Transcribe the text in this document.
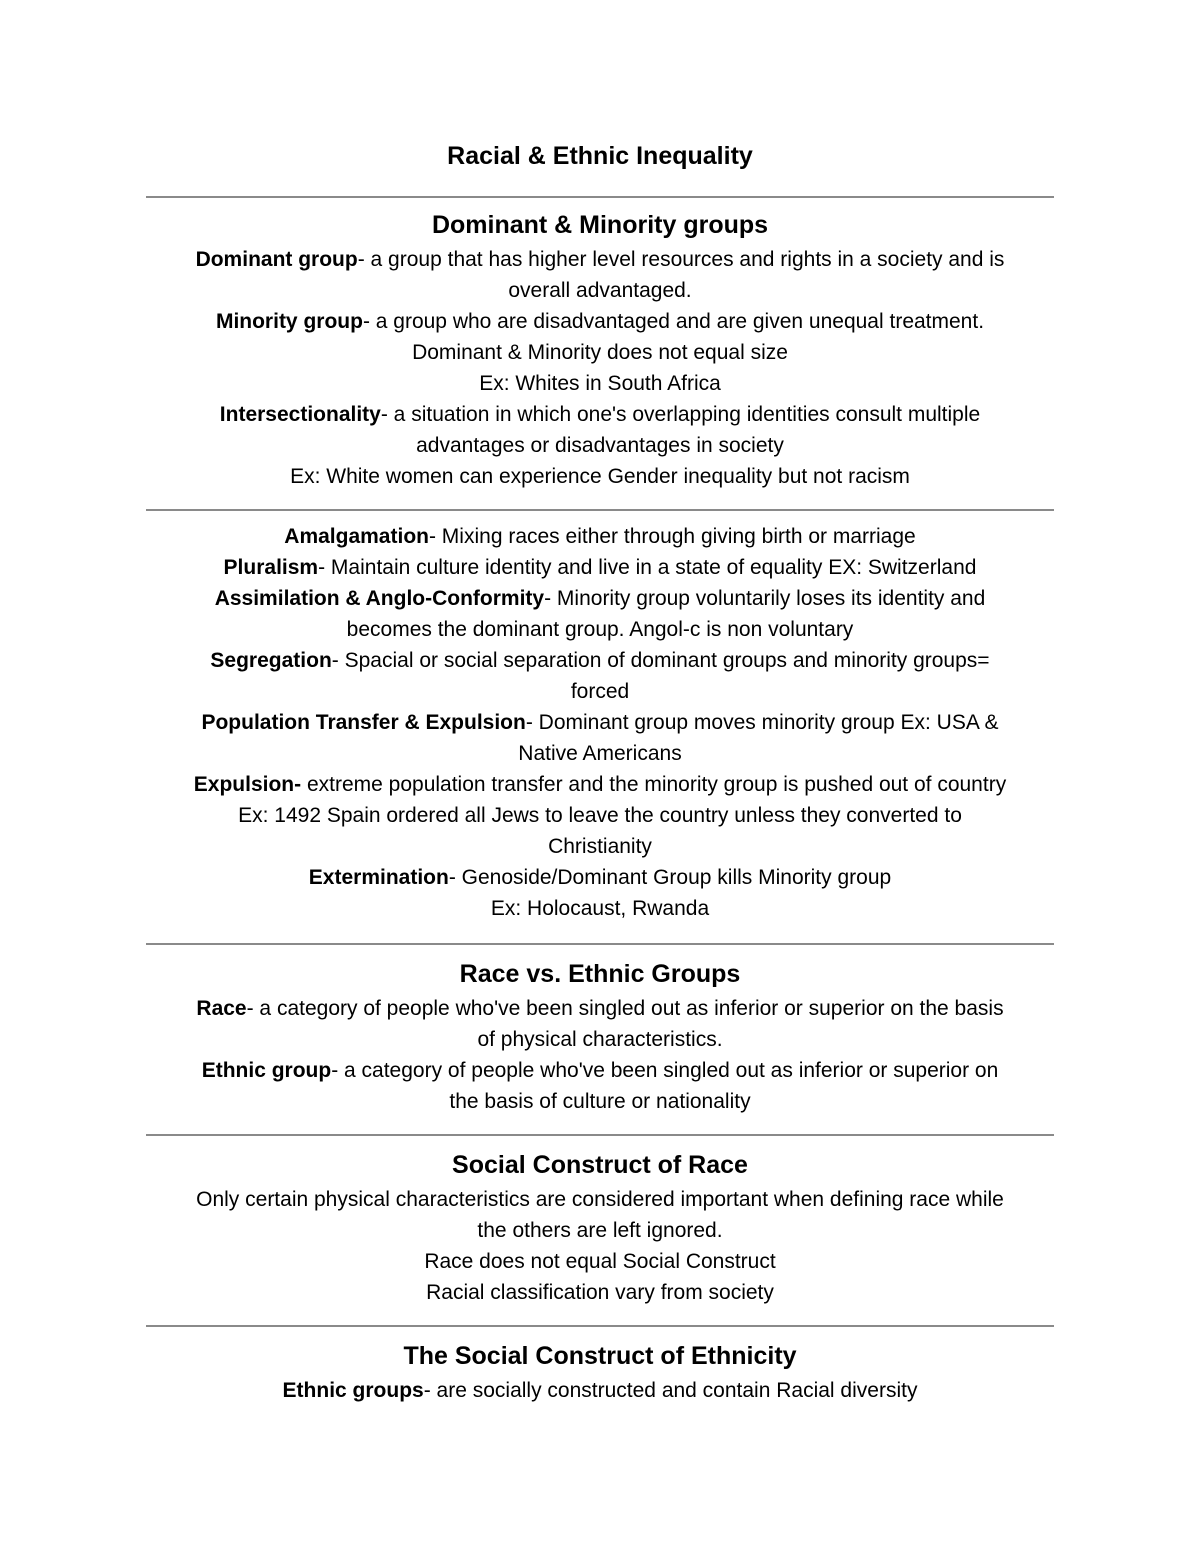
Racial & Ethnic Inequality
Dominant & Minority groups

Dominant group- a group that has higher level resources and rights in a society and is

overall advantaged.

Minority group- a group who are disadvantaged and are given unequal treatment.

Dominant & Minority does not equal size

Ex: Whites in South Africa

Intersectionality- a situation in which one's overlapping identities consult multiple

advantages or disadvantages in society

Ex: White women can experience Gender inequality but not racism

Amalgamation- Mixing races either through giving birth or marriage

Pluralism- Maintain culture identity and live in a state of equality EX: Switzerland

Assimilation & Anglo-Conformity- Minority group voluntarily loses its identity and

becomes the dominant group. Angol-c is non voluntary

Segregation- Spacial or social separation of dominant groups and minority groups=

forced

Population Transfer & Expulsion- Dominant group moves minority group Ex: USA &

Native Americans

Expulsion- extreme population transfer and the minority group is pushed out of country

Ex: 1492 Spain ordered all Jews to leave the country unless they converted to

Christianity

Extermination- Genoside/Dominant Group kills Minority group

Ex: Holocaust, Rwanda

Race vs. Ethnic Groups

Race- a category of people who've been singled out as inferior or superior on the basis

of physical characteristics.

Ethnic group- a category of people who've been singled out as inferior or superior on

the basis of culture or nationality

Social Construct of Race

Only certain physical characteristics are considered important when defining race while

the others are left ignored.

Race does not equal Social Construct

Racial classification vary from society

The Social Construct of Ethnicity

Ethnic groups- are socially constructed and contain Racial diversity
